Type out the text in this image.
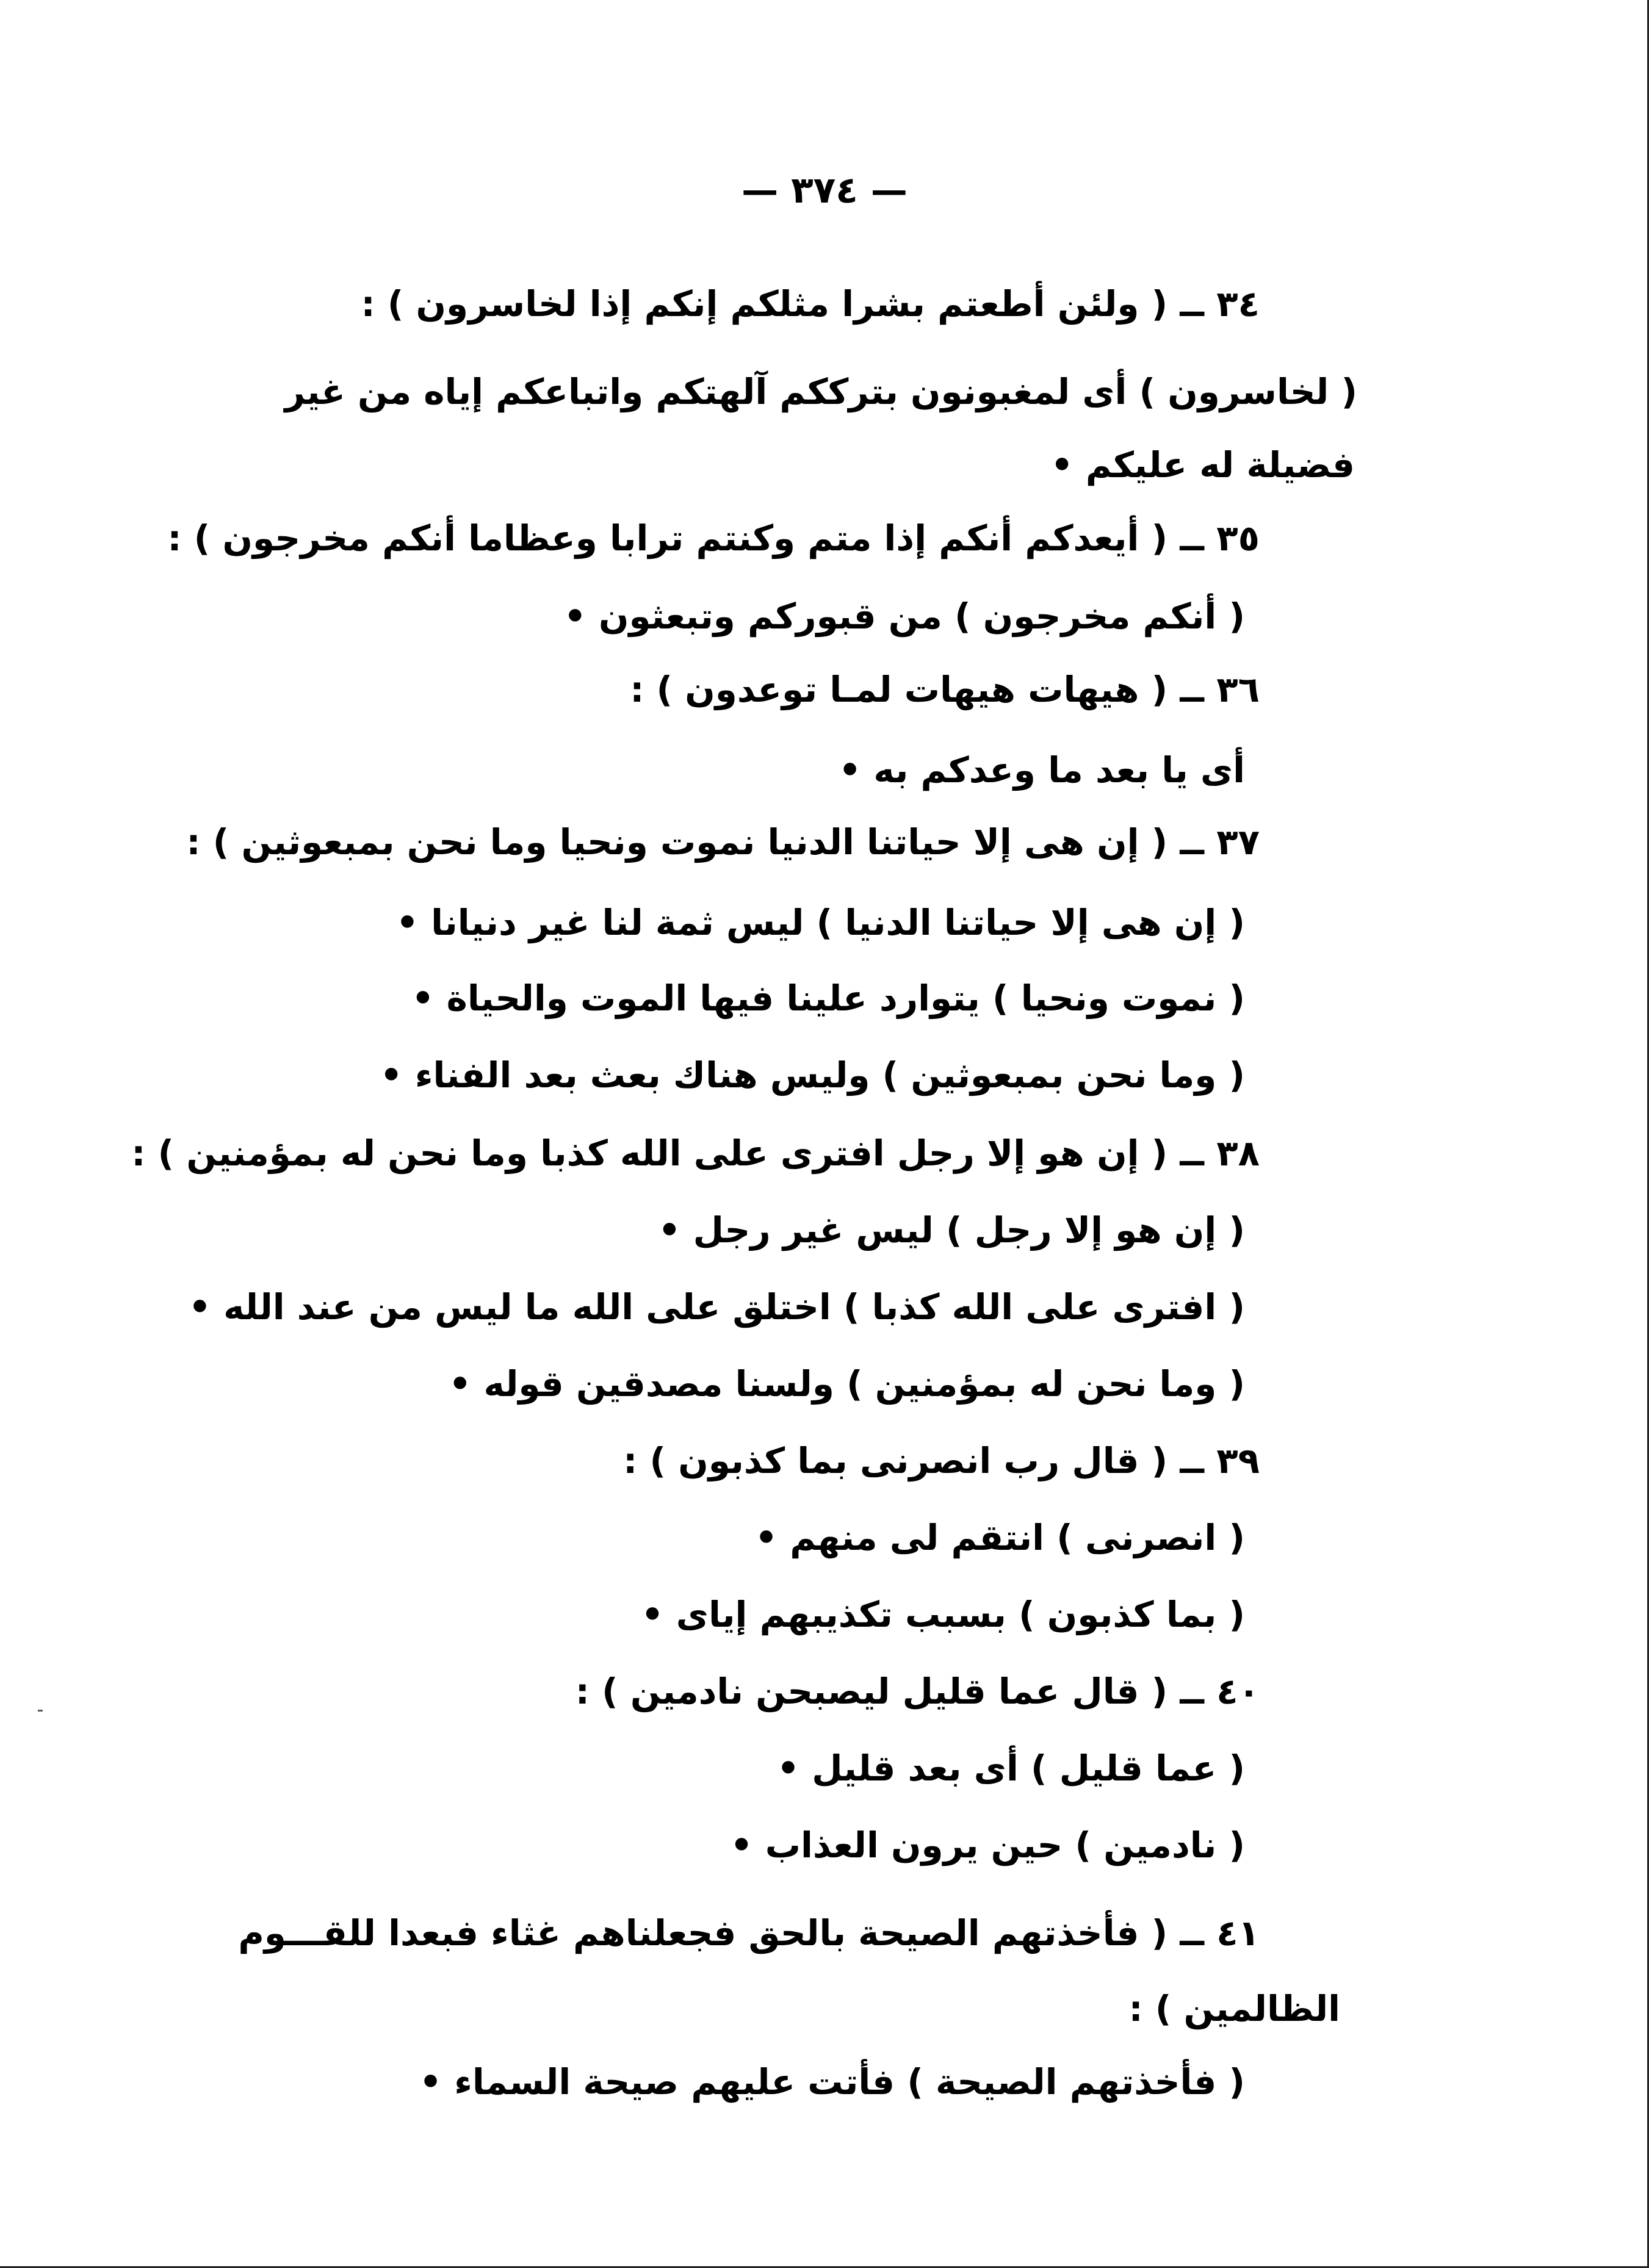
— ٣٧٤ —
٣٤ ــ ( ولئن أطعتم بشرا مثلكم إنكم إذا لخاسرون ) :
( لخاسرون ) أى لمغبونون بترككم آلهتكم واتباعكم إياه من غير
فضيلة له عليكم •
٣٥ ــ ( أيعدكم أنكم إذا متم وكنتم ترابا وعظاما أنكم مخرجون ) :
( أنكم مخرجون ) من قبوركم وتبعثون •
٣٦ ــ ( هيهات هيهات لمـا توعدون ) :
أى يا بعد ما وعدكم به •
٣٧ ــ ( إن هى إلا حياتنا الدنيا نموت ونحيا وما نحن بمبعوثين ) :
( إن هى إلا حياتنا الدنيا ) ليس ثمة لنا غير دنيانا •
( نموت ونحيا ) يتوارد علينا فيها الموت والحياة •
( وما نحن بمبعوثين ) وليس هناك بعث بعد الفناء •
٣٨ ــ ( إن هو إلا رجل افترى على الله كذبا وما نحن له بمؤمنين ) :
( إن هو إلا رجل ) ليس غير رجل •
( افترى على الله كذبا ) اختلق على الله ما ليس من عند الله •
( وما نحن له بمؤمنين ) ولسنا مصدقين قوله •
٣٩ ــ ( قال رب انصرنى بما كذبون ) :
( انصرنى ) انتقم لى منهم •
( بما كذبون ) بسبب تكذيبهم إياى •
٤٠ ــ ( قال عما قليل ليصبحن نادمين ) :
( عما قليل ) أى بعد قليل •
( نادمين ) حين يرون العذاب •
٤١ ــ ( فأخذتهم الصيحة بالحق فجعلناهم غثاء فبعدا للقـــوم
الظالمين ) :
( فأخذتهم الصيحة ) فأتت عليهم صيحة السماء •
